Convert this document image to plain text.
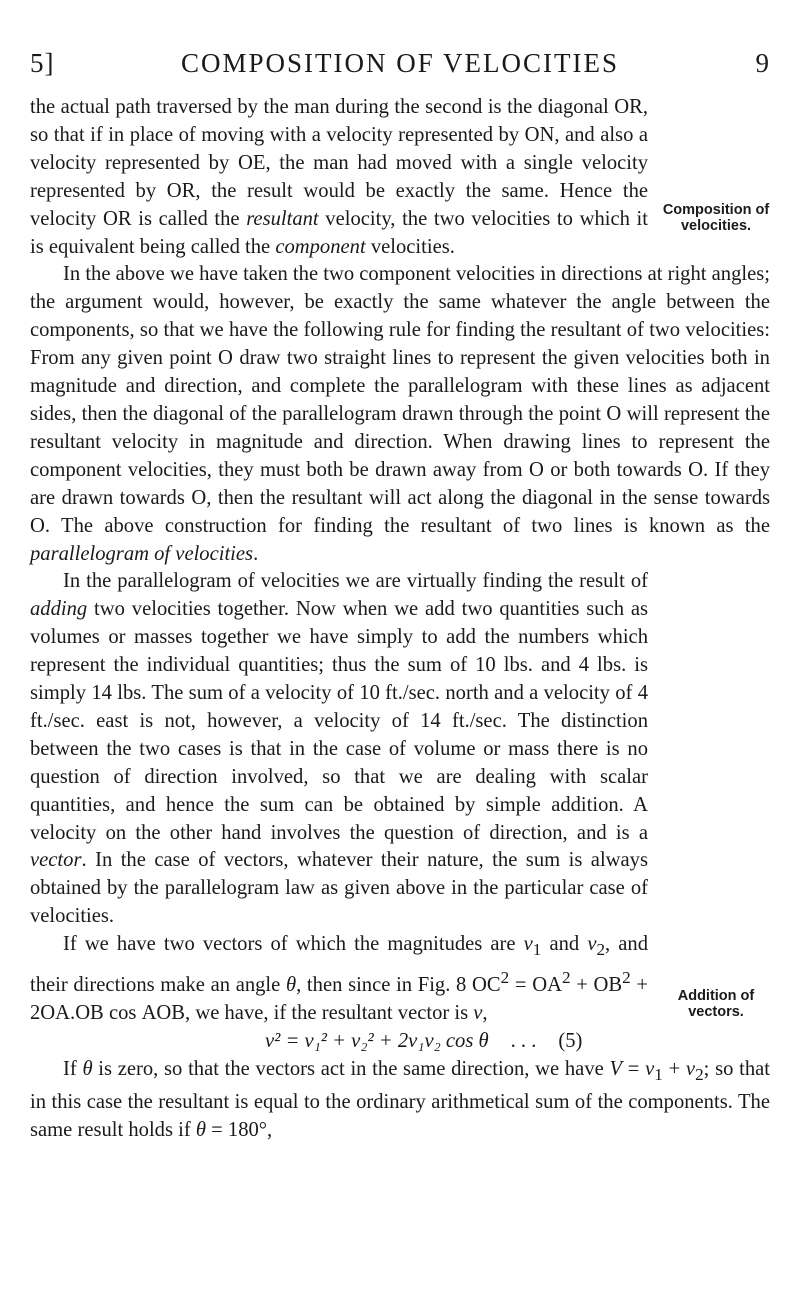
5]	COMPOSITION OF VELOCITIES	9
Composition of velocities.

the actual path traversed by the man during the second is the diagonal OR, so that if in place of moving with a velocity represented by ON, and also a velocity represented by OE, the man had moved with a single velocity represented by OR, the result would be exactly the same. Hence the velocity OR is called the resultant velocity, the two velocities to which it is equivalent being called the component velocities.

In the above we have taken the two component velocities in directions at right angles; the argument would, however, be exactly the same whatever the angle between the components, so that we have the following rule for finding the resultant of two velocities: From any given point O draw two straight lines to represent the given velocities both in magnitude and direction, and complete the parallelogram with these lines as adjacent sides, then the diagonal of the parallelogram drawn through the point O will represent the resultant velocity in magnitude and direction. When drawing lines to represent the component velocities, they must both be drawn away from O or both towards O. If they are drawn towards O, then the resultant will act along the diagonal in the sense towards O. The above construction for finding the resultant of two lines is known as the parallelogram of velocities.

Addition of vectors.

In the parallelogram of velocities we are virtually finding the result of adding two velocities together. Now when we add two quantities such as volumes or masses together we have simply to add the numbers which represent the individual quantities; thus the sum of 10 lbs. and 4 lbs. is simply 14 lbs. The sum of a velocity of 10 ft./sec. north and a velocity of 4 ft./sec. east is not, however, a velocity of 14 ft./sec. The distinction between the two cases is that in the case of volume or mass there is no question of direction involved, so that we are dealing with scalar quantities, and hence the sum can be obtained by simple addition. A velocity on the other hand involves the question of direction, and is a vector. In the case of vectors, whatever their nature, the sum is always obtained by the parallelogram law as given above in the particular case of velocities.

If we have two vectors of which the magnitudes are $v_1$ and $v_2$, and their directions make an angle θ, then since in Fig. 8 $OC^2 = OA^2 + OB^2 + 2OA.OB$ cos AOB, we have, if the resultant vector is v,

v² = v₁² + v₂² + 2v₁v₂ cos θ . . . (5)

If θ is zero, so that the vectors act in the same direction, we have $V = v_1 + v_2$; so that in this case the resultant is equal to the ordinary arithmetical sum of the components. The same result holds if θ = 180°,
